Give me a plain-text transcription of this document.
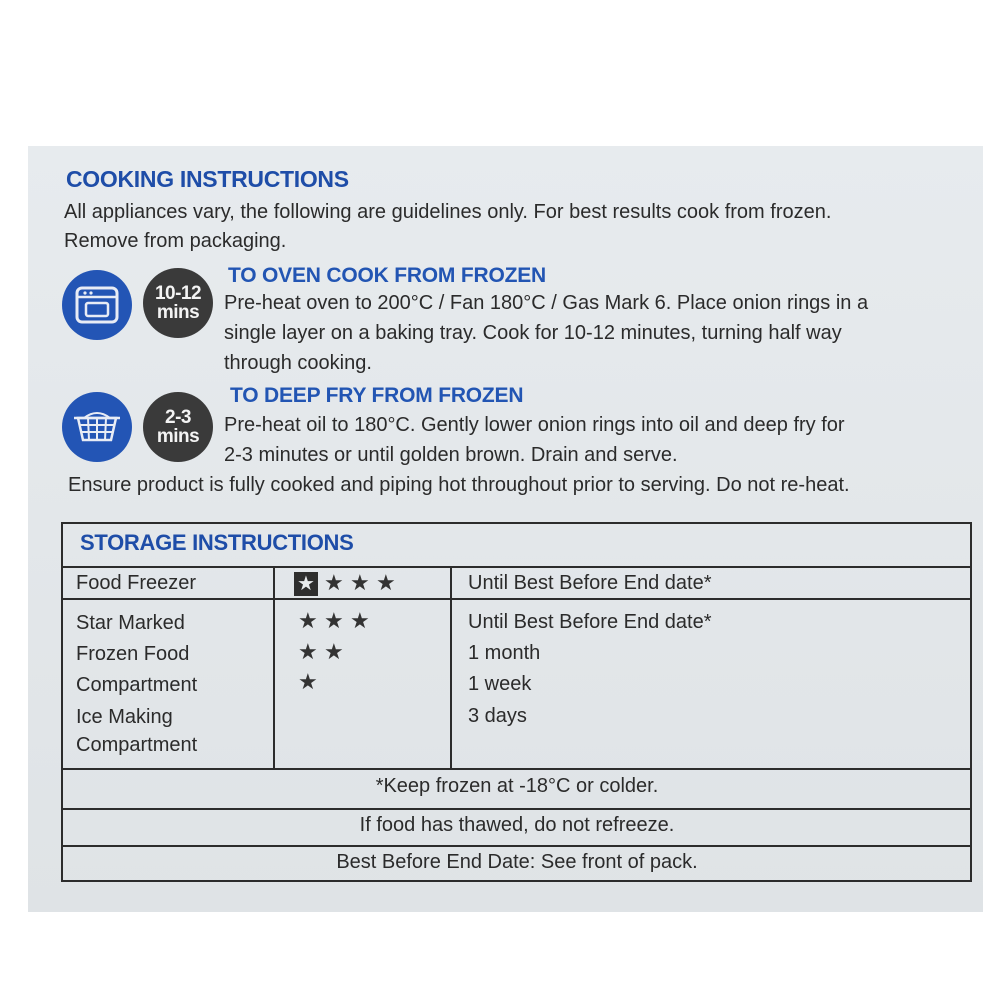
COOKING INSTRUCTIONS
All appliances vary, the following are guidelines only. For best results cook from frozen.
Remove from packaging.
10-12
mins
TO OVEN COOK FROM FROZEN
Pre-heat oven to 200°C / Fan 180°C / Gas Mark 6. Place onion rings in a
single layer on a baking tray. Cook for 10-12 minutes, turning half way
through cooking.
2-3
mins
TO DEEP FRY FROM FROZEN
Pre-heat oil to 180°C. Gently lower onion rings into oil and deep fry for
2-3 minutes or until golden brown. Drain and serve.
Ensure product is fully cooked and piping hot throughout prior to serving. Do not re-heat.
STORAGE INSTRUCTIONS
Food Freezer	★ ★ ★ ★	Until Best Before End date*
Star Marked
Frozen Food
Compartment
Ice Making
Compartment
★ ★ ★
★ ★
★
Until Best Before End date*
1 month
1 week
3 days
*Keep frozen at -18°C or colder.
If food has thawed, do not refreeze.
Best Before End Date: See front of pack.
